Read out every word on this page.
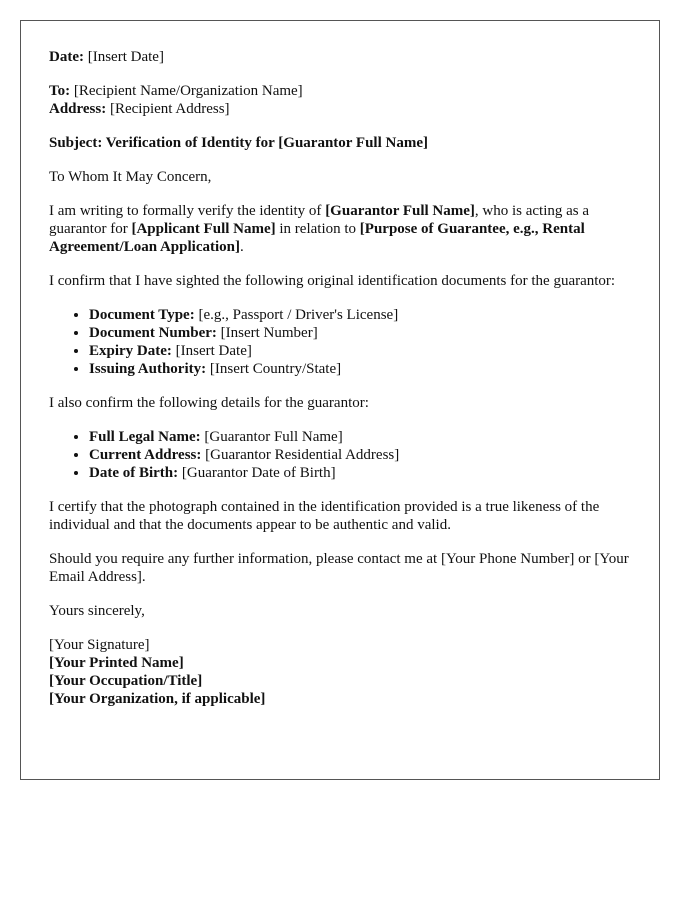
Date: [Insert Date]

To: [Recipient Name/Organization Name]

Address: [Recipient Address]

Subject: Verification of Identity for [Guarantor Full Name]

To Whom It May Concern,

I am writing to formally verify the identity of [Guarantor Full Name], who is acting as a guarantor for [Applicant Full Name] in relation to [Purpose of Guarantee, e.g., Rental Agreement/Loan Application].

I confirm that I have sighted the following original identification documents for the guarantor:

• Document Type: [e.g., Passport / Driver's License]
• Document Number: [Insert Number]
• Expiry Date: [Insert Date]
• Issuing Authority: [Insert Country/State]

I also confirm the following details for the guarantor:

• Full Legal Name: [Guarantor Full Name]
• Current Address: [Guarantor Residential Address]
• Date of Birth: [Guarantor Date of Birth]

I certify that the photograph contained in the identification provided is a true likeness of the individual and that the documents appear to be authentic and valid.

Should you require any further information, please contact me at [Your Phone Number] or [Your Email Address].

Yours sincerely,

[Your Signature]

[Your Printed Name]

[Your Occupation/Title]

[Your Organization, if applicable]
